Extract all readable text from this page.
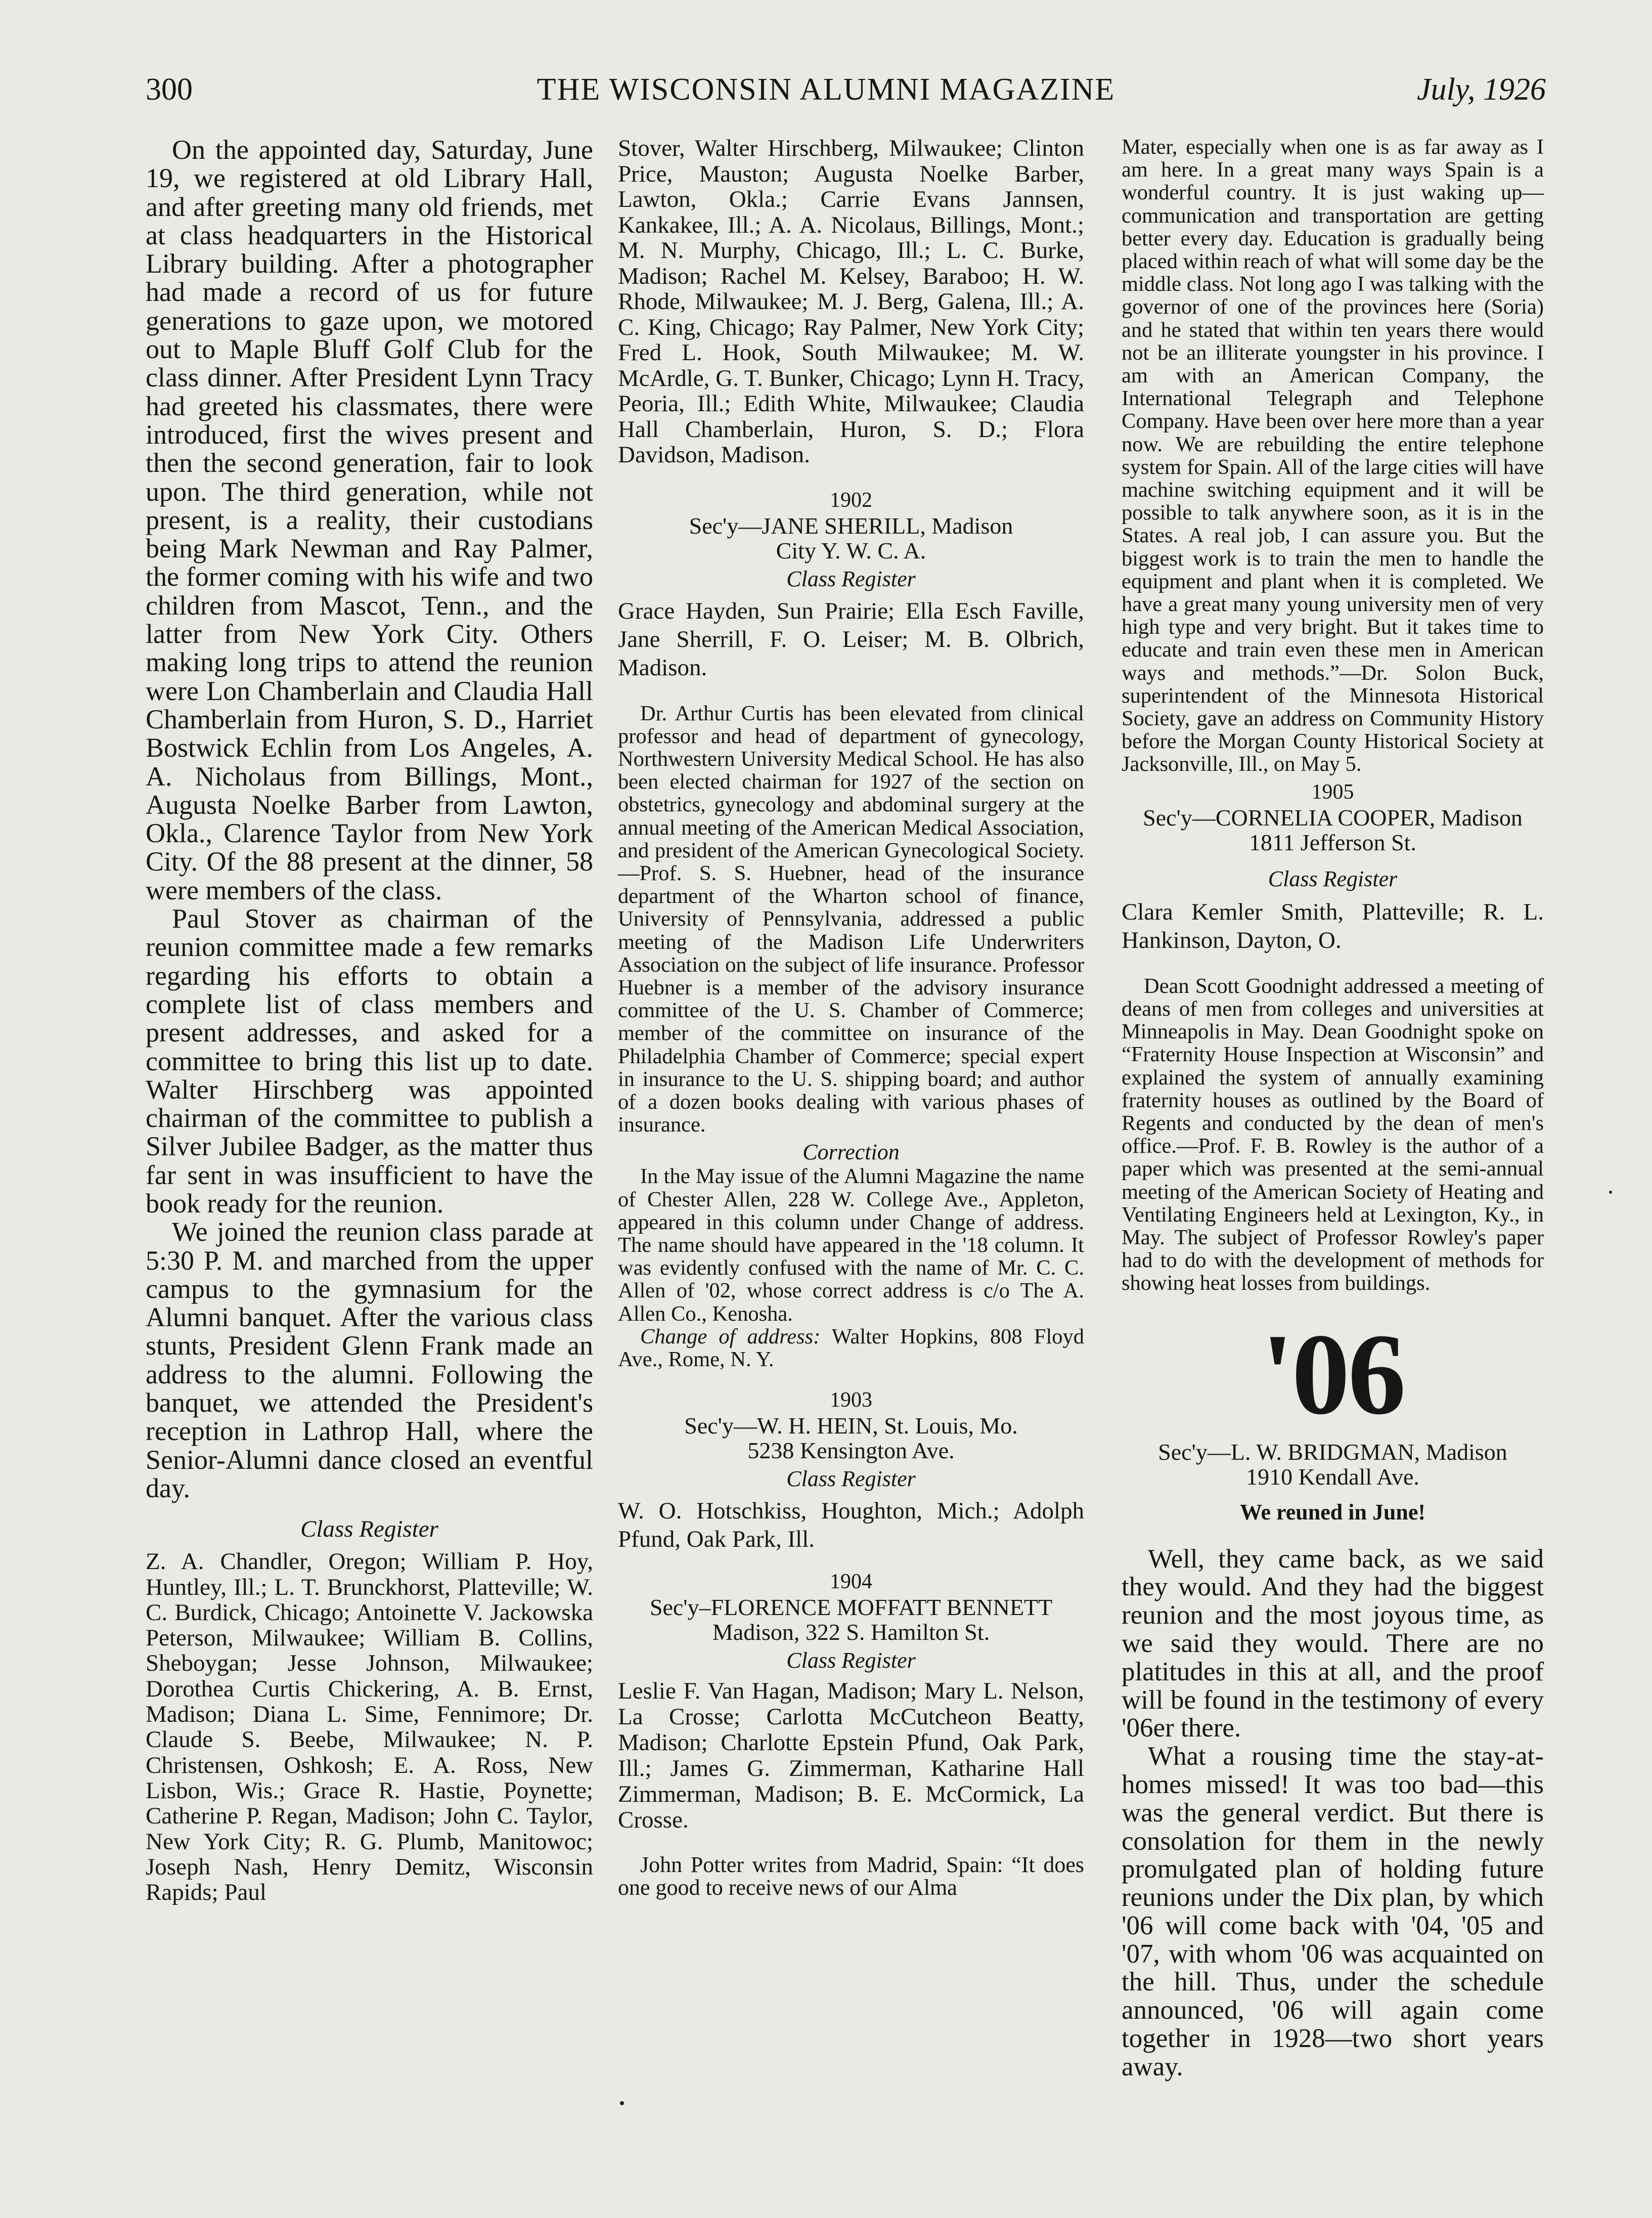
300	THE WISCONSIN ALUMNI MAGAZINE	July, 1926

On the appointed day, Saturday, June 19, we registered at old Library Hall, and after greeting many old friends, met at class headquarters in the Historical Library building. After a photographer had made a record of us for future generations to gaze upon, we motored out to Maple Bluff Golf Club for the class dinner. After President Lynn Tracy had greeted his classmates, there were introduced, first the wives present and then the second generation, fair to look upon. The third generation, while not present, is a reality, their custodians being Mark Newman and Ray Palmer, the former coming with his wife and two children from Mascot, Tenn., and the latter from New York City. Others making long trips to attend the reunion were Lon Chamberlain and Claudia Hall Chamberlain from Huron, S. D., Harriet Bostwick Echlin from Los Angeles, A. A. Nicholaus from Billings, Mont., Augusta Noelke Barber from Lawton, Okla., Clarence Taylor from New York City. Of the 88 present at the dinner, 58 were members of the class.

Paul Stover as chairman of the reunion committee made a few remarks regarding his efforts to obtain a complete list of class members and present addresses, and asked for a committee to bring this list up to date. Walter Hirschberg was appointed chairman of the committee to publish a Silver Jubilee Badger, as the matter thus far sent in was insufficient to have the book ready for the reunion.

We joined the reunion class parade at 5:30 P. M. and marched from the upper campus to the gymnasium for the Alumni banquet. After the various class stunts, President Glenn Frank made an address to the alumni. Following the banquet, we attended the President's reception in Lathrop Hall, where the Senior-Alumni dance closed an eventful day.

Class Register

Z. A. Chandler, Oregon; William P. Hoy, Huntley, Ill.; L. T. Brunckhorst, Platteville; W. C. Burdick, Chicago; Antoinette V. Jackowska Peterson, Milwaukee; William B. Collins, Sheboygan; Jesse Johnson, Milwaukee; Dorothea Curtis Chickering, A. B. Ernst, Madison; Diana L. Sime, Fennimore; Dr. Claude S. Beebe, Milwaukee; N. P. Christensen, Oshkosh; E. A. Ross, New Lisbon, Wis.; Grace R. Hastie, Poynette; Catherine P. Regan, Madison; John C. Taylor, New York City; R. G. Plumb, Manitowoc; Joseph Nash, Henry Demitz, Wisconsin Rapids; Paul

Stover, Walter Hirschberg, Milwaukee; Clinton Price, Mauston; Augusta Noelke Barber, Lawton, Okla.; Carrie Evans Jannsen, Kankakee, Ill.; A. A. Nicolaus, Billings, Mont.; M. N. Murphy, Chicago, Ill.; L. C. Burke, Madison; Rachel M. Kelsey, Baraboo; H. W. Rhode, Milwaukee; M. J. Berg, Galena, Ill.; A. C. King, Chicago; Ray Palmer, New York City; Fred L. Hook, South Milwaukee; M. W. McArdle, G. T. Bunker, Chicago; Lynn H. Tracy, Peoria, Ill.; Edith White, Milwaukee; Claudia Hall Chamberlain, Huron, S. D.; Flora Davidson, Madison.

1902
Sec'y—JANE SHERILL, Madison
City Y. W. C. A.
Class Register

Grace Hayden, Sun Prairie; Ella Esch Faville, Jane Sherrill, F. O. Leiser; M. B. Olbrich, Madison.

Dr. Arthur Curtis has been elevated from clinical professor and head of department of gynecology, Northwestern University Medical School. He has also been elected chairman for 1927 of the section on obstetrics, gynecology and abdominal surgery at the annual meeting of the American Medical Association, and president of the American Gynecological Society.—Prof. S. S. Huebner, head of the insurance department of the Wharton school of finance, University of Pennsylvania, addressed a public meeting of the Madison Life Underwriters Association on the subject of life insurance. Professor Huebner is a member of the advisory insurance committee of the U. S. Chamber of Commerce; member of the committee on insurance of the Philadelphia Chamber of Commerce; special expert in insurance to the U. S. shipping board; and author of a dozen books dealing with various phases of insurance.

Correction

In the May issue of the Alumni Magazine the name of Chester Allen, 228 W. College Ave., Appleton, appeared in this column under Change of address. The name should have appeared in the '18 column. It was evidently confused with the name of Mr. C. C. Allen of '02, whose correct address is c/o The A. Allen Co., Kenosha.

Change of address: Walter Hopkins, 808 Floyd Ave., Rome, N. Y.

1903
Sec'y—W. H. HEIN, St. Louis, Mo.
5238 Kensington Ave.
Class Register

W. O. Hotschkiss, Houghton, Mich.; Adolph Pfund, Oak Park, Ill.

1904
Sec'y–FLORENCE MOFFATT BENNETT
Madison, 322 S. Hamilton St.
Class Register

Leslie F. Van Hagan, Madison; Mary L. Nelson, La Crosse; Carlotta McCutcheon Beatty, Madison; Charlotte Epstein Pfund, Oak Park, Ill.; James G. Zimmerman, Katharine Hall Zimmerman, Madison; B. E. McCormick, La Crosse.

John Potter writes from Madrid, Spain: “It does one good to receive news of our Alma

Mater, especially when one is as far away as I am here. In a great many ways Spain is a wonderful country. It is just waking up—communication and transportation are getting better every day. Education is gradually being placed within reach of what will some day be the middle class. Not long ago I was talking with the governor of one of the provinces here (Soria) and he stated that within ten years there would not be an illiterate youngster in his province. I am with an American Company, the International Telegraph and Telephone Company. Have been over here more than a year now. We are rebuilding the entire telephone system for Spain. All of the large cities will have machine switching equipment and it will be possible to talk anywhere soon, as it is in the States. A real job, I can assure you. But the biggest work is to train the men to handle the equipment and plant when it is completed. We have a great many young university men of very high type and very bright. But it takes time to educate and train even these men in American ways and methods.”—Dr. Solon Buck, superintendent of the Minnesota Historical Society, gave an address on Community History before the Morgan County Historical Society at Jacksonville, Ill., on May 5.

1905
Sec'y—CORNELIA COOPER, Madison
1811 Jefferson St.
Class Register

Clara Kemler Smith, Platteville; R. L. Hankinson, Dayton, O.

Dean Scott Goodnight addressed a meeting of deans of men from colleges and universities at Minneapolis in May. Dean Goodnight spoke on “Fraternity House Inspection at Wisconsin” and explained the system of annually examining fraternity houses as outlined by the Board of Regents and conducted by the dean of men's office.—Prof. F. B. Rowley is the author of a paper which was presented at the semi-annual meeting of the American Society of Heating and Ventilating Engineers held at Lexington, Ky., in May. The subject of Professor Rowley's paper had to do with the development of methods for showing heat losses from buildings.

'06
Sec'y—L. W. BRIDGMAN, Madison
1910 Kendall Ave.
We reuned in June!

Well, they came back, as we said they would. And they had the biggest reunion and the most joyous time, as we said they would. There are no platitudes in this at all, and the proof will be found in the testimony of every '06er there.

What a rousing time the stay-at-homes missed! It was too bad—this was the general verdict. But there is consolation for them in the newly promulgated plan of holding future reunions under the Dix plan, by which '06 will come back with '04, '05 and '07, with whom '06 was acquainted on the hill. Thus, under the schedule announced, '06 will again come together in 1928—two short years away.
